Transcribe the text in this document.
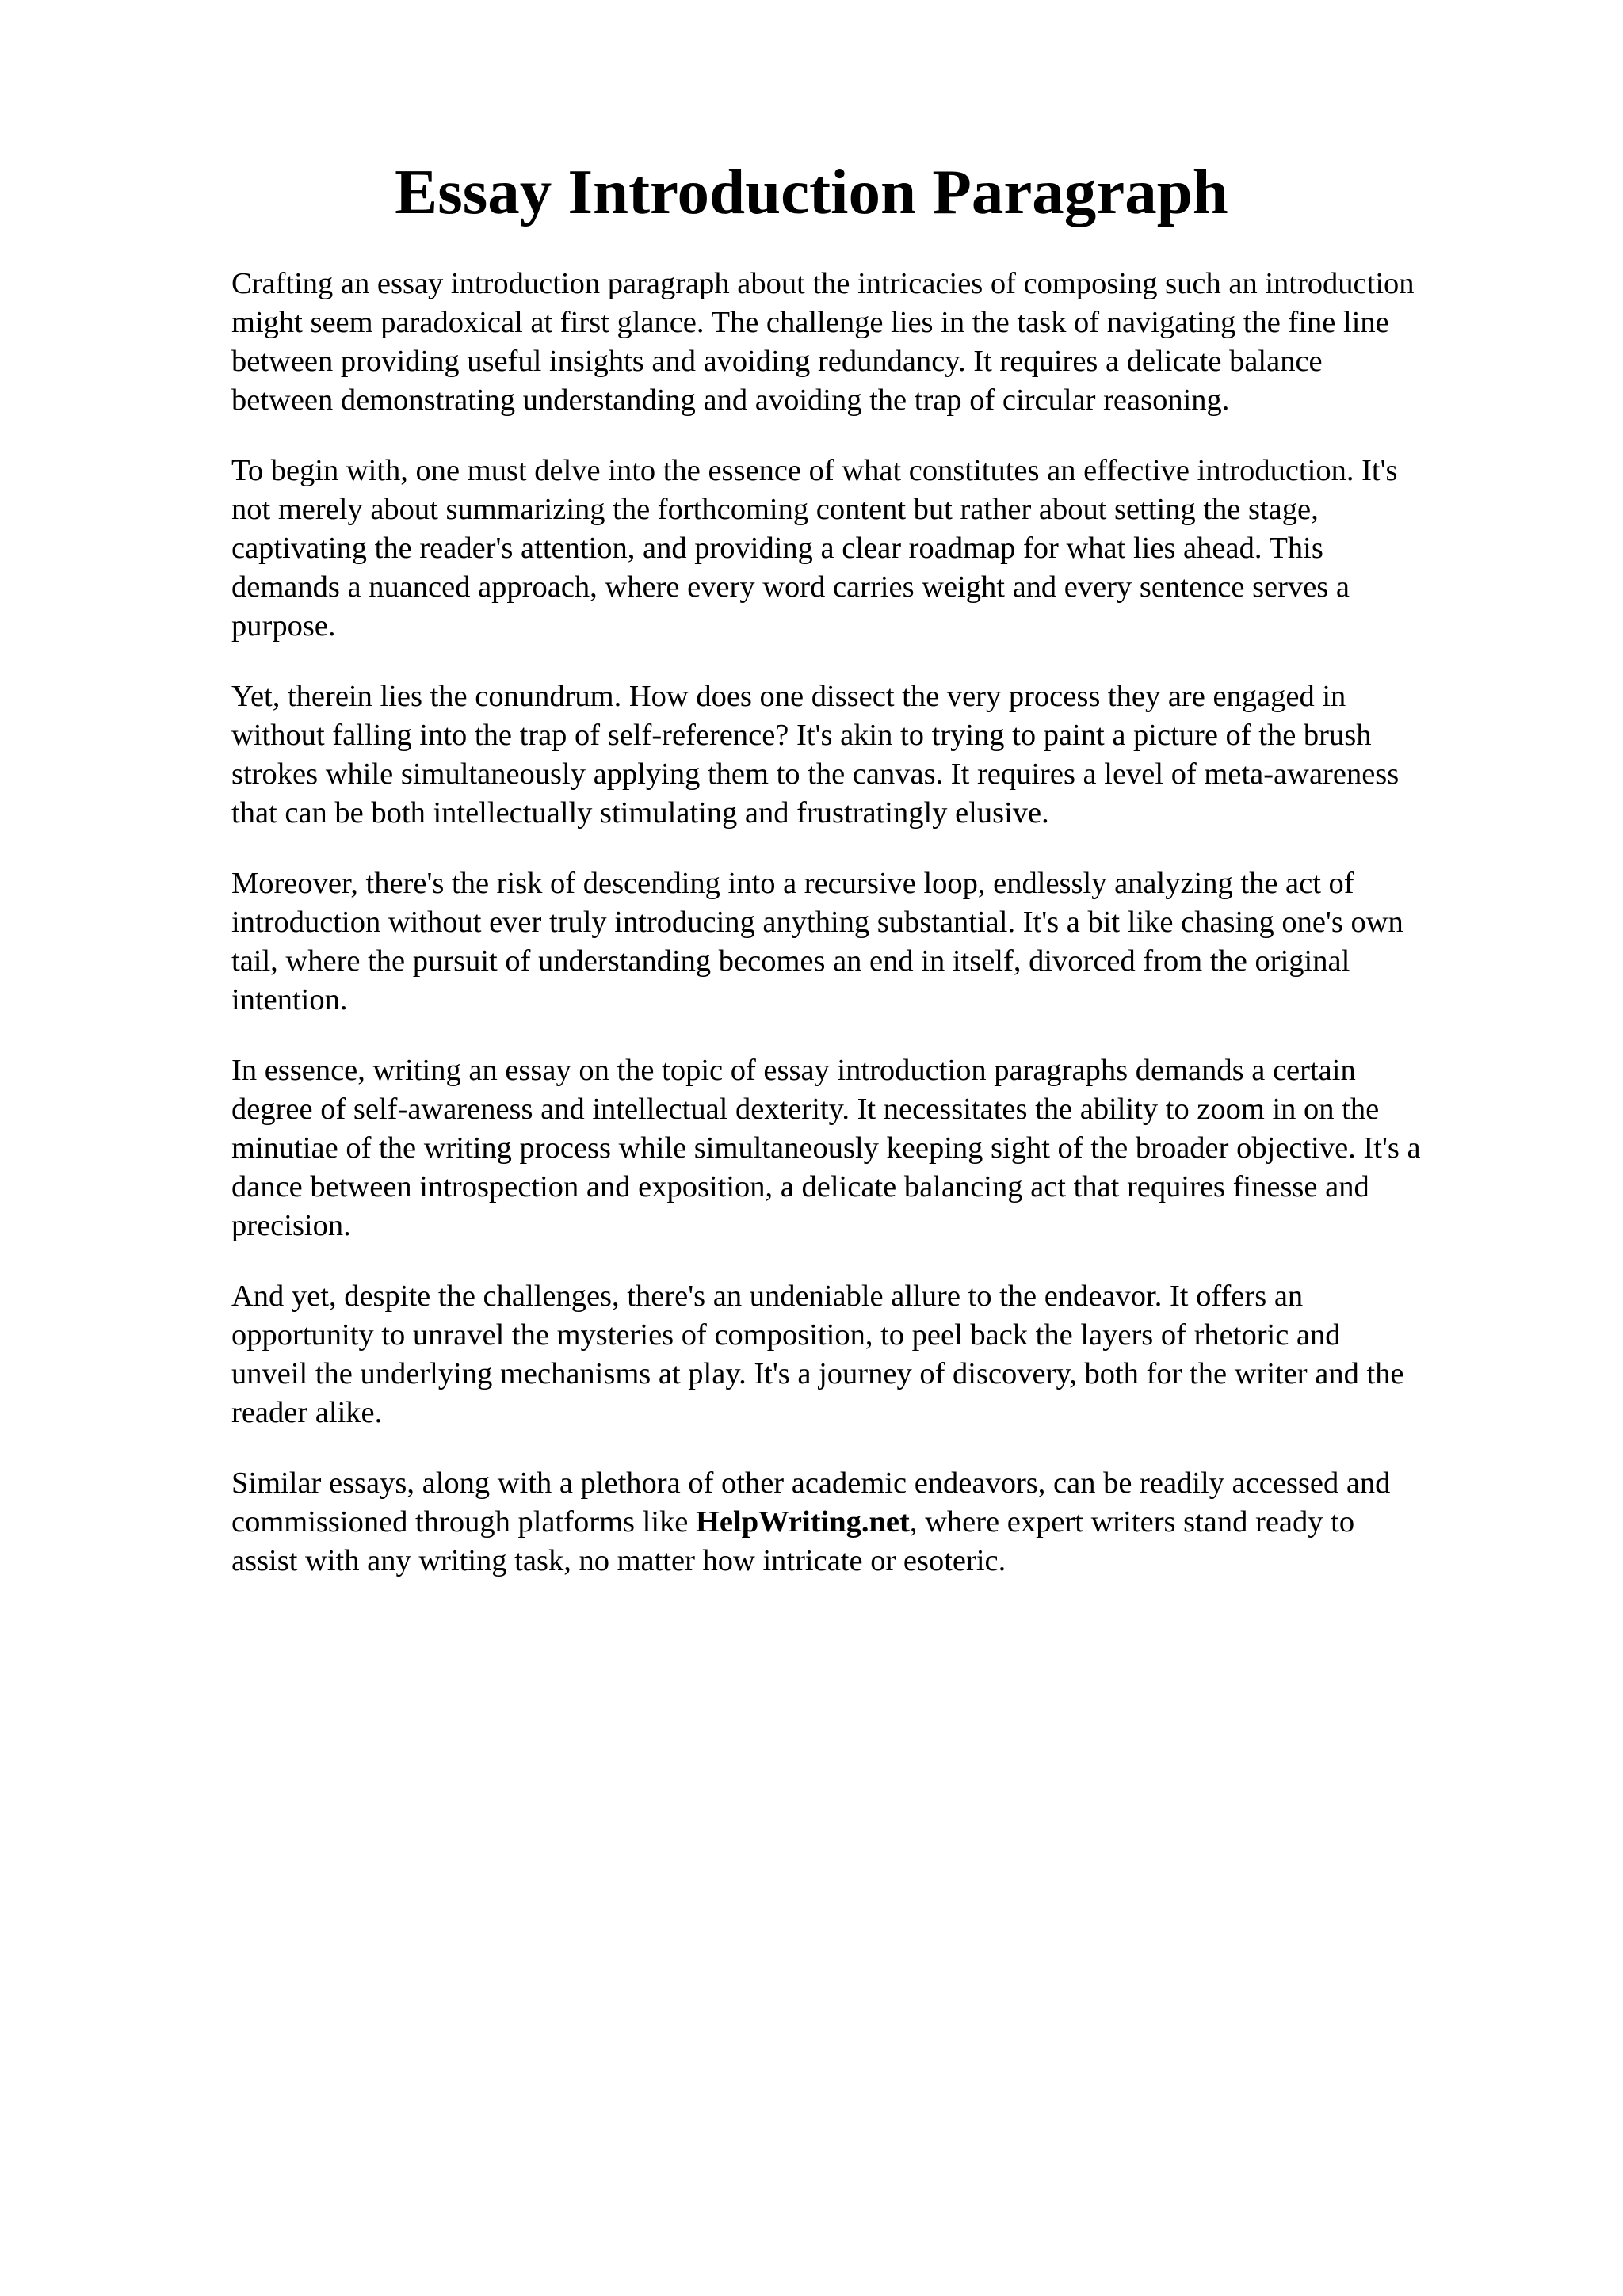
Essay Introduction Paragraph

Crafting an essay introduction paragraph about the intricacies of composing such an introduction
might seem paradoxical at first glance. The challenge lies in the task of navigating the fine line
between providing useful insights and avoiding redundancy. It requires a delicate balance
between demonstrating understanding and avoiding the trap of circular reasoning.

To begin with, one must delve into the essence of what constitutes an effective introduction. It's
not merely about summarizing the forthcoming content but rather about setting the stage,
captivating the reader's attention, and providing a clear roadmap for what lies ahead. This
demands a nuanced approach, where every word carries weight and every sentence serves a
purpose.

Yet, therein lies the conundrum. How does one dissect the very process they are engaged in
without falling into the trap of self-reference? It's akin to trying to paint a picture of the brush
strokes while simultaneously applying them to the canvas. It requires a level of meta-awareness
that can be both intellectually stimulating and frustratingly elusive.

Moreover, there's the risk of descending into a recursive loop, endlessly analyzing the act of
introduction without ever truly introducing anything substantial. It's a bit like chasing one's own
tail, where the pursuit of understanding becomes an end in itself, divorced from the original
intention.

In essence, writing an essay on the topic of essay introduction paragraphs demands a certain
degree of self-awareness and intellectual dexterity. It necessitates the ability to zoom in on the
minutiae of the writing process while simultaneously keeping sight of the broader objective. It's a
dance between introspection and exposition, a delicate balancing act that requires finesse and
precision.

And yet, despite the challenges, there's an undeniable allure to the endeavor. It offers an
opportunity to unravel the mysteries of composition, to peel back the layers of rhetoric and
unveil the underlying mechanisms at play. It's a journey of discovery, both for the writer and the
reader alike.

Similar essays, along with a plethora of other academic endeavors, can be readily accessed and
commissioned through platforms like HelpWriting.net, where expert writers stand ready to
assist with any writing task, no matter how intricate or esoteric.
